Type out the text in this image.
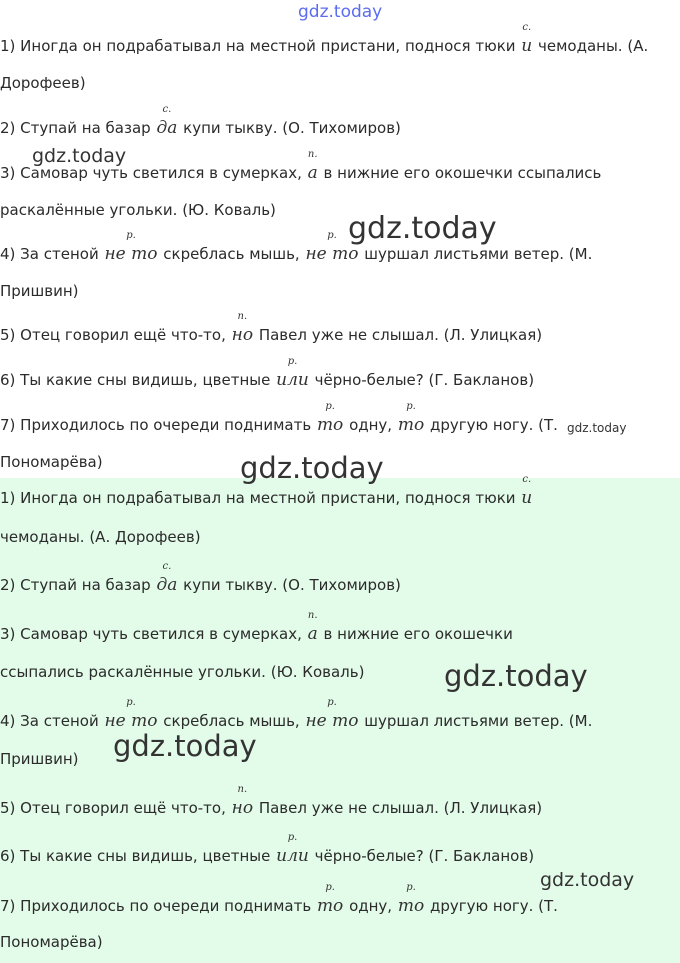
1) Иногда он подрабатывал на местной пристани, поднося тюки
с.
и чемоданы. (А.
Дорофеев)
2) Ступай на базар
с.
да купи тыкву. (О. Тихомиров)
3) Самовар чуть светился в сумерках,
п.
а в нижние его окошечки ссыпались
раскалённые угольки. (Ю. Коваль)
4) За стеной
р.
не то скреблась мышь,
р.
не то шуршал листьями ветер. (М.
Пришвин)
5) Отец говорил ещё что-то,
п.
но Павел уже не слышал. (Л. Улицкая)
6) Ты какие сны видишь, цветные
р.
или чёрно-белые? (Г. Бакланов)
7) Приходилось по очереди поднимать
р.
то одну,
р.
то другую ногу. (Т.
Пономарёва)
1) Иногда он подрабатывал на местной пристани, поднося тюки
с.
и
чемоданы. (А. Дорофеев)
2) Ступай на базар
с.
да купи тыкву. (О. Тихомиров)
3) Самовар чуть светился в сумерках,
п.
а в нижние его окошечки
ссыпались раскалённые угольки. (Ю. Коваль)
4) За стеной
р.
не то скреблась мышь,
р.
не то шуршал листьями ветер. (М.
Пришвин)
5) Отец говорил ещё что-то,
п.
но Павел уже не слышал. (Л. Улицкая)
6) Ты какие сны видишь, цветные
р.
или чёрно-белые? (Г. Бакланов)
7) Приходилось по очереди поднимать
р.
то одну,
р.
то другую ногу. (Т.
Пономарёва)
gdz.today
gdz.today
gdz.today
gdz.today
gdz.today
gdz.today
gdz.today
gdz.today
